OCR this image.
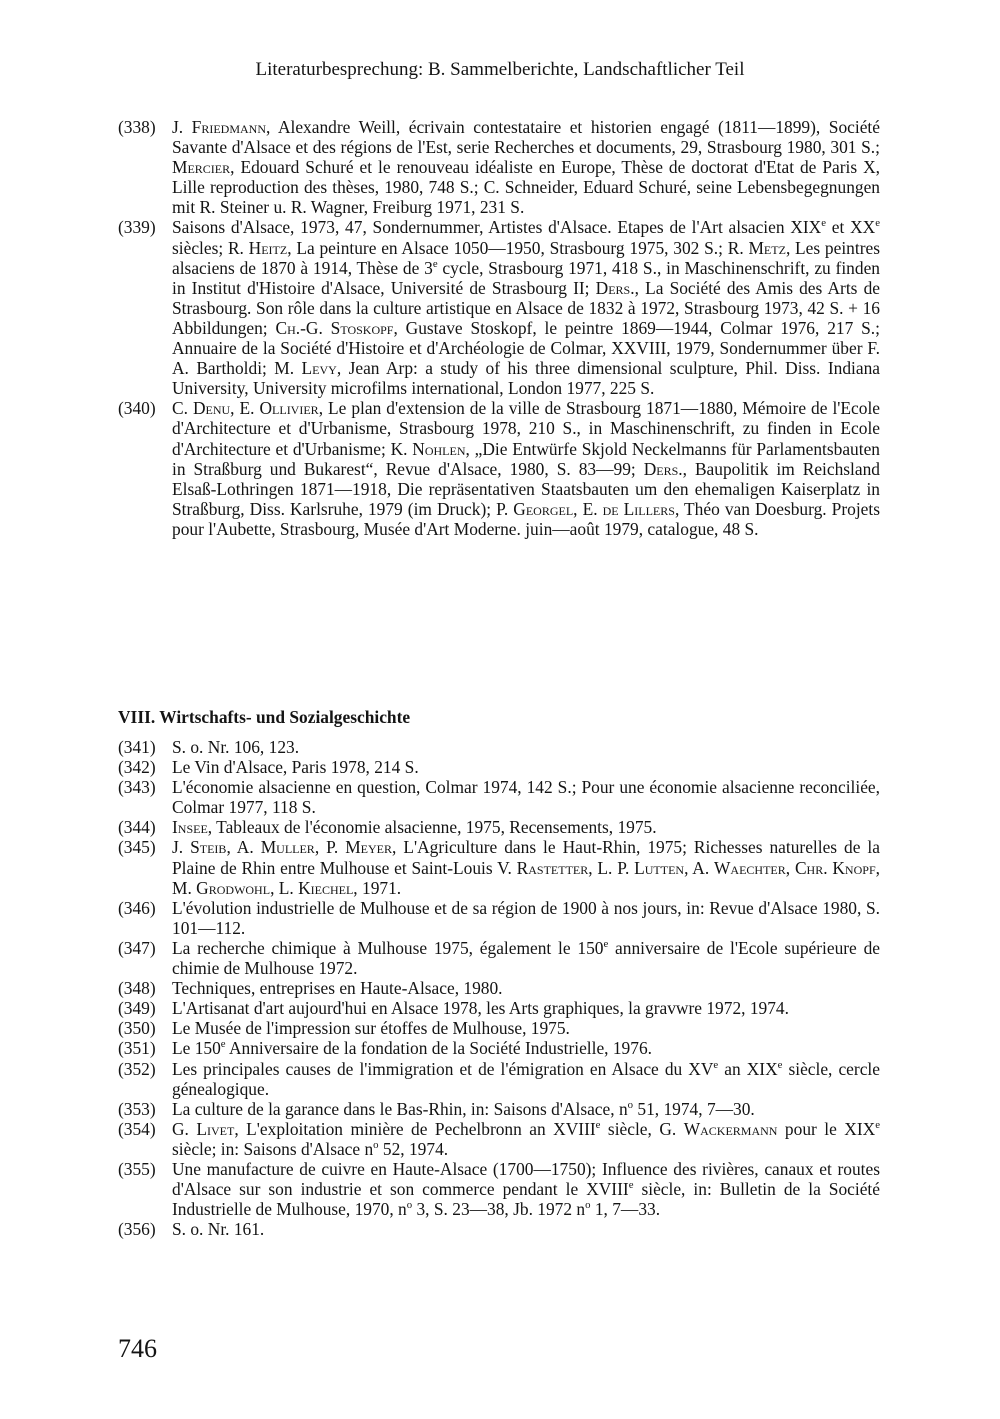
Literaturbesprechung: B. Sammelberichte, Landschaftlicher Teil
(338) J. Friedmann, Alexandre Weill, écrivain contestataire et historien engagé (1811—1899), Société Savante d'Alsace et des régions de l'Est, serie Recherches et documents, 29, Strasbourg 1980, 301 S.; Mercier, Edouard Schuré et le renouveau idéaliste en Europe, Thèse de doctorat d'Etat de Paris X, Lille reproduction des thèses, 1980, 748 S.; C. Schneider, Eduard Schuré, seine Lebensbegegnungen mit R. Steiner u. R. Wagner, Freiburg 1971, 231 S.
(339) Saisons d'Alsace, 1973, 47, Sondernummer, Artistes d'Alsace. Etapes de l'Art alsacien XIXe et XXe siècles; R. Heitz, La peinture en Alsace 1050—1950, Strasbourg 1975, 302 S.; R. Metz, Les peintres alsaciens de 1870 à 1914, Thèse de 3e cycle, Strasbourg 1971, 418 S., in Maschinenschrift, zu finden in Institut d'Histoire d'Alsace, Université de Strasbourg II; Ders., La Société des Amis des Arts de Strasbourg. Son rôle dans la culture artistique en Alsace de 1832 à 1972, Strasbourg 1973, 42 S. + 16 Abbildungen; Ch.-G. Stoskopf, Gustave Stoskopf, le peintre 1869—1944, Colmar 1976, 217 S.; Annuaire de la Société d'Histoire et d'Archéologie de Colmar, XXVIII, 1979, Sondernummer über F. A. Bartholdi; M. Levy, Jean Arp: a study of his three dimensional sculpture, Phil. Diss. Indiana University, University microfilms international, London 1977, 225 S.
(340) C. Denu, E. Ollivier, Le plan d'extension de la ville de Strasbourg 1871—1880, Mémoire de l'Ecole d'Architecture et d'Urbanisme, Strasbourg 1978, 210 S., in Maschinenschrift, zu finden in Ecole d'Architecture et d'Urbanisme; K. Nohlen, „Die Entwürfe Skjold Neckelmanns für Parlamentsbauten in Straßburg und Bukarest“, Revue d'Alsace, 1980, S. 83—99; Ders., Baupolitik im Reichsland Elsaß-Lothringen 1871—1918, Die repräsentativen Staatsbauten um den ehemaligen Kaiserplatz in Straßburg, Diss. Karlsruhe, 1979 (im Druck); P. Georgel, E. de Lillers, Théo van Doesburg. Projets pour l'Aubette, Strasbourg, Musée d'Art Moderne. juin—août 1979, catalogue, 48 S.
VIII. Wirtschafts- und Sozialgeschichte
(341) S. o. Nr. 106, 123.
(342) Le Vin d'Alsace, Paris 1978, 214 S.
(343) L'économie alsacienne en question, Colmar 1974, 142 S.; Pour une économie alsacienne reconciliée, Colmar 1977, 118 S.
(344) Insee, Tableaux de l'économie alsacienne, 1975, Recensements, 1975.
(345) J. Steib, A. Muller, P. Meyer, L'Agriculture dans le Haut-Rhin, 1975; Richesses naturelles de la Plaine de Rhin entre Mulhouse et Saint-Louis V. Rastetter, L. P. Lutten, A. Waechter, Chr. Knopf, M. Grodwohl, L. Kiechel, 1971.
(346) L'évolution industrielle de Mulhouse et de sa région de 1900 à nos jours, in: Revue d'Alsace 1980, S. 101—112.
(347) La recherche chimique à Mulhouse 1975, également le 150e anniversaire de l'Ecole supérieure de chimie de Mulhouse 1972.
(348) Techniques, entreprises en Haute-Alsace, 1980.
(349) L'Artisanat d'art aujourd'hui en Alsace 1978, les Arts graphiques, la gravwre 1972, 1974.
(350) Le Musée de l'impression sur étoffes de Mulhouse, 1975.
(351) Le 150e Anniversaire de la fondation de la Société Industrielle, 1976.
(352) Les principales causes de l'immigration et de l'émigration en Alsace du XVe an XIXe siècle, cercle génealogique.
(353) La culture de la garance dans le Bas-Rhin, in: Saisons d'Alsace, $n^o$ 51, 1974, 7—30.
(354) G. Livet, L'exploitation minière de Pechelbronn an XVIIIe siècle, G. Wackermann pour le XIXe siècle; in: Saisons d'Alsace $n^o$ 52, 1974.
(355) Une manufacture de cuivre en Haute-Alsace (1700—1750); Influence des rivières, canaux et routes d'Alsace sur son industrie et son commerce pendant le XVIIIe siècle, in: Bulletin de la Société Industrielle de Mulhouse, 1970, $n^o$ 3, S. 23—38, Jb. 1972 $n^o$ 1, 7—33.
(356) S. o. Nr. 161.
746
